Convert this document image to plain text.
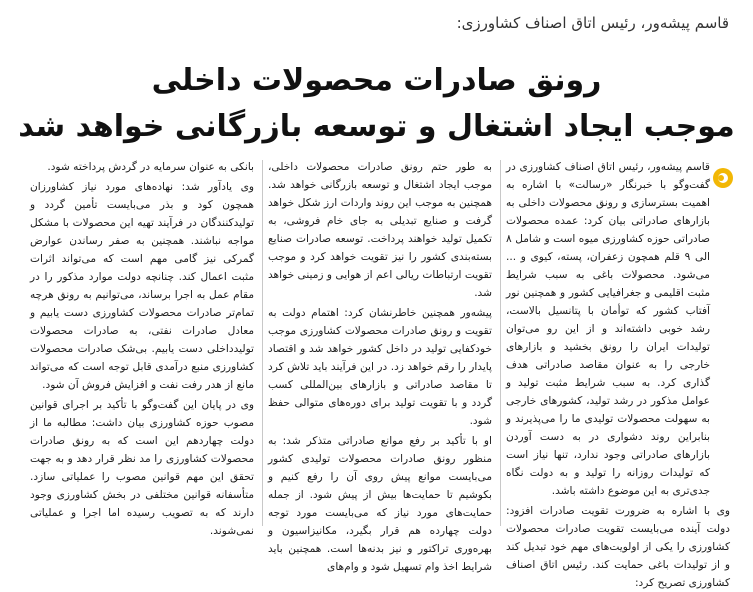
قاسم پیشه‌ور، رئیس اتاق اصناف کشاورزی:
رونق صادرات محصولات داخلی
موجب ایجاد اشتغال و توسعه بازرگانی خواهد شد

قاسم پیشه‌ور، رئیس اتاق اصناف کشاورزی در گفت‌وگو با خبرنگار «رسالت» با اشاره به اهمیت بسترسازی و رونق محصولات داخلی به بازارهای صادراتی بیان کرد: عمده محصولات صادراتی حوزه کشاورزی میوه است و شامل ۸ الی ۹ قلم همچون زعفران، پسته، کیوی و ... می‌شود. محصولات باغی به سبب شرایط مثبت اقلیمی و جغرافیایی کشور و همچنین نور آفتاب کشور که توأمان با پتانسیل بالاست، رشد خوبی داشته‌اند و از این رو می‌توان تولیدات ایران را رونق بخشید و بازارهای خارجی را به عنوان مقاصد صادراتی هدف گذاری کرد. به سبب شرایط مثبت تولید و عوامل مذکور در رشد تولید، کشورهای خارجی به سهولت محصولات تولیدی ما را می‌پذیرند و بنابراین روند دشواری در به دست آوردن بازارهای صادراتی وجود ندارد، تنها نیاز است که تولیدات روزانه را تولید و به دولت نگاه جدی‌تری به این موضوع داشته باشد.

وی با اشاره به ضرورت تقویت صادرات افزود: دولت آینده می‌بایست تقویت صادرات محصولات کشاورزی را یکی از اولویت‌های مهم خود تبدیل کند و از تولیدات باغی حمایت کند. رئیس اتاق اصناف کشاورزی تصریح کرد:

به طور حتم رونق صادرات محصولات داخلی، موجب ایجاد اشتغال و توسعه بازرگانی خواهد شد. همچنین به موجب این روند واردات ارز شکل خواهد گرفت و صنایع تبدیلی به جای خام فروشی، به تکمیل تولید خواهند پرداخت. توسعه صادرات صنایع بسته‌بندی کشور را نیز تقویت خواهد کرد و موجب تقویت ارتباطات ریالی اعم از هوایی و زمینی خواهد شد.

پیشه‌ور همچنین خاطرنشان کرد: اهتمام دولت به تقویت و رونق صادرات محصولات کشاورزی موجب خودکفایی تولید در داخل کشور خواهد شد و اقتصاد پایدار را رقم خواهد زد. در این فرآیند باید تلاش کرد تا مقاصد صادراتی و بازارهای بین‌المللی کسب گردد و با تقویت تولید برای دوره‌های متوالی حفظ شود.

او با تأکید بر رفع موانع صادراتی متذکر شد: به منظور رونق صادرات محصولات تولیدی کشور می‌بایست موانع پیش روی آن را رفع کنیم و بکوشیم تا حمایت‌ها بیش از پیش شود. از جمله حمایت‌های مورد نیاز که می‌بایست مورد توجه دولت چهارده هم قرار بگیرد، مکانیزاسیون و بهره‌وری تراکتور و نیز بدنه‌ها است. همچنین باید شرایط اخذ وام تسهیل شود و وام‌های

بانکی به عنوان سرمایه در گردش پرداخته شود.

وی یادآور شد: نهاده‌های مورد نیاز کشاورزان همچون کود و بذر می‌بایست تأمین گردد و تولیدکنندگان در فرآیند تهیه این محصولات با مشکل مواجه نباشند. همچنین به صفر رساندن عوارض گمرکی نیز گامی مهم است که می‌تواند اثرات مثبت اعمال کند. چنانچه دولت موارد مذکور را در مقام عمل به اجرا برساند، می‌توانیم به رونق هرچه تمام‌تر صادرات محصولات کشاورزی دست یابیم و معادل صادرات نفتی، به صادرات محصولات تولیدداخلی دست یابیم. بی‌شک صادرات محصولات کشاورزی منبع درآمدی قابل توجه است که می‌تواند مانع از هدر رفت نفت و افزایش فروش آن شود.

وی در پایان این گفت‌وگو با تأکید بر اجرای قوانین مصوب حوزه کشاورزی بیان داشت: مطالبه ما از دولت چهاردهم این است که به رونق صادرات محصولات کشاورزی را مد نظر قرار دهد و به جهت تحقق این مهم قوانین مصوب را عملیاتی سازد. متأسفانه قوانین مختلفی در بخش کشاورزی وجود دارند که به تصویب رسیده اما اجرا و عملیاتی نمی‌شوند.
